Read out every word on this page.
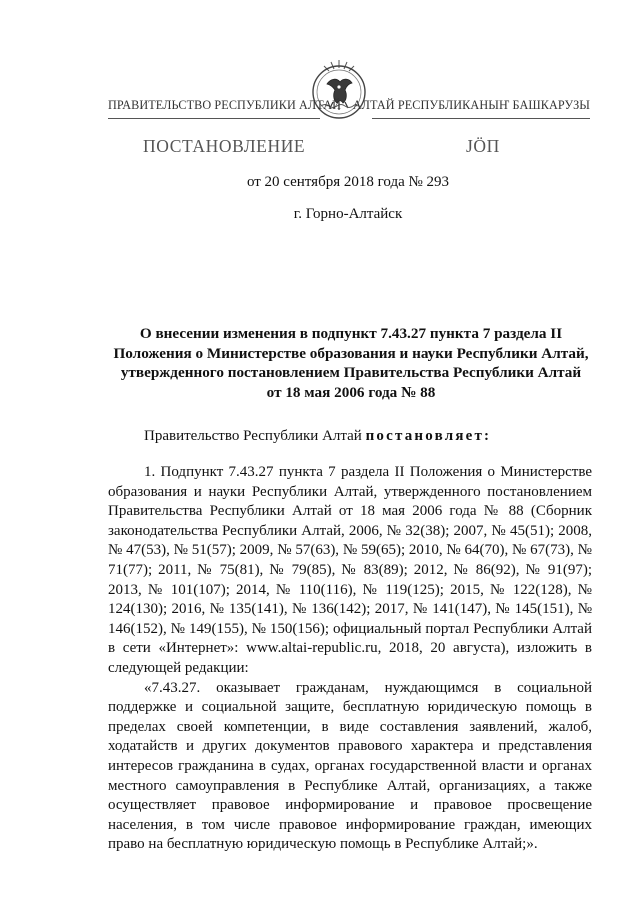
ПРАВИТЕЛЬСТВО РЕСПУБЛИКИ АЛТАЙ АЛТАЙ РЕСПУБЛИКАНЫҤ БАШКАРУЗЫ
ПОСТАНОВЛЕНИЕ	ЈӦП
от 20 сентября 2018 года № 293
г. Горно-Алтайск
О внесении изменения в подпункт 7.43.27 пункта 7 раздела II Положения о Министерстве образования и науки Республики Алтай, утвержденного постановлением Правительства Республики Алтай от 18 мая 2006 года № 88
Правительство Республики Алтай постановляет:

1. Подпункт 7.43.27 пункта 7 раздела II Положения о Министерстве образования и науки Республики Алтай, утвержденного постановлением Правительства Республики Алтай от 18 мая 2006 года № 88 (Сборник законодательства Республики Алтай, 2006, № 32(38); 2007, № 45(51); 2008, № 47(53), № 51(57); 2009, № 57(63), № 59(65); 2010, № 64(70), № 67(73), № 71(77); 2011, № 75(81), № 79(85), № 83(89); 2012, № 86(92), № 91(97); 2013, № 101(107); 2014, № 110(116), № 119(125); 2015, № 122(128), № 124(130); 2016, № 135(141), № 136(142); 2017, № 141(147), № 145(151), № 146(152), № 149(155), № 150(156); официальный портал Республики Алтай в сети «Интернет»: www.altai-republic.ru, 2018, 20 августа), изложить в следующей редакции:

«7.43.27. оказывает гражданам, нуждающимся в социальной поддержке и социальной защите, бесплатную юридическую помощь в пределах своей компетенции, в виде составления заявлений, жалоб, ходатайств и других документов правового характера и представления интересов гражданина в судах, органах государственной власти и органах местного самоуправления в Республике Алтай, организациях, а также осуществляет правовое информирование и правовое просвещение населения, в том числе правовое информирование граждан, имеющих право на бесплатную юридическую помощь в Республике Алтай;».
